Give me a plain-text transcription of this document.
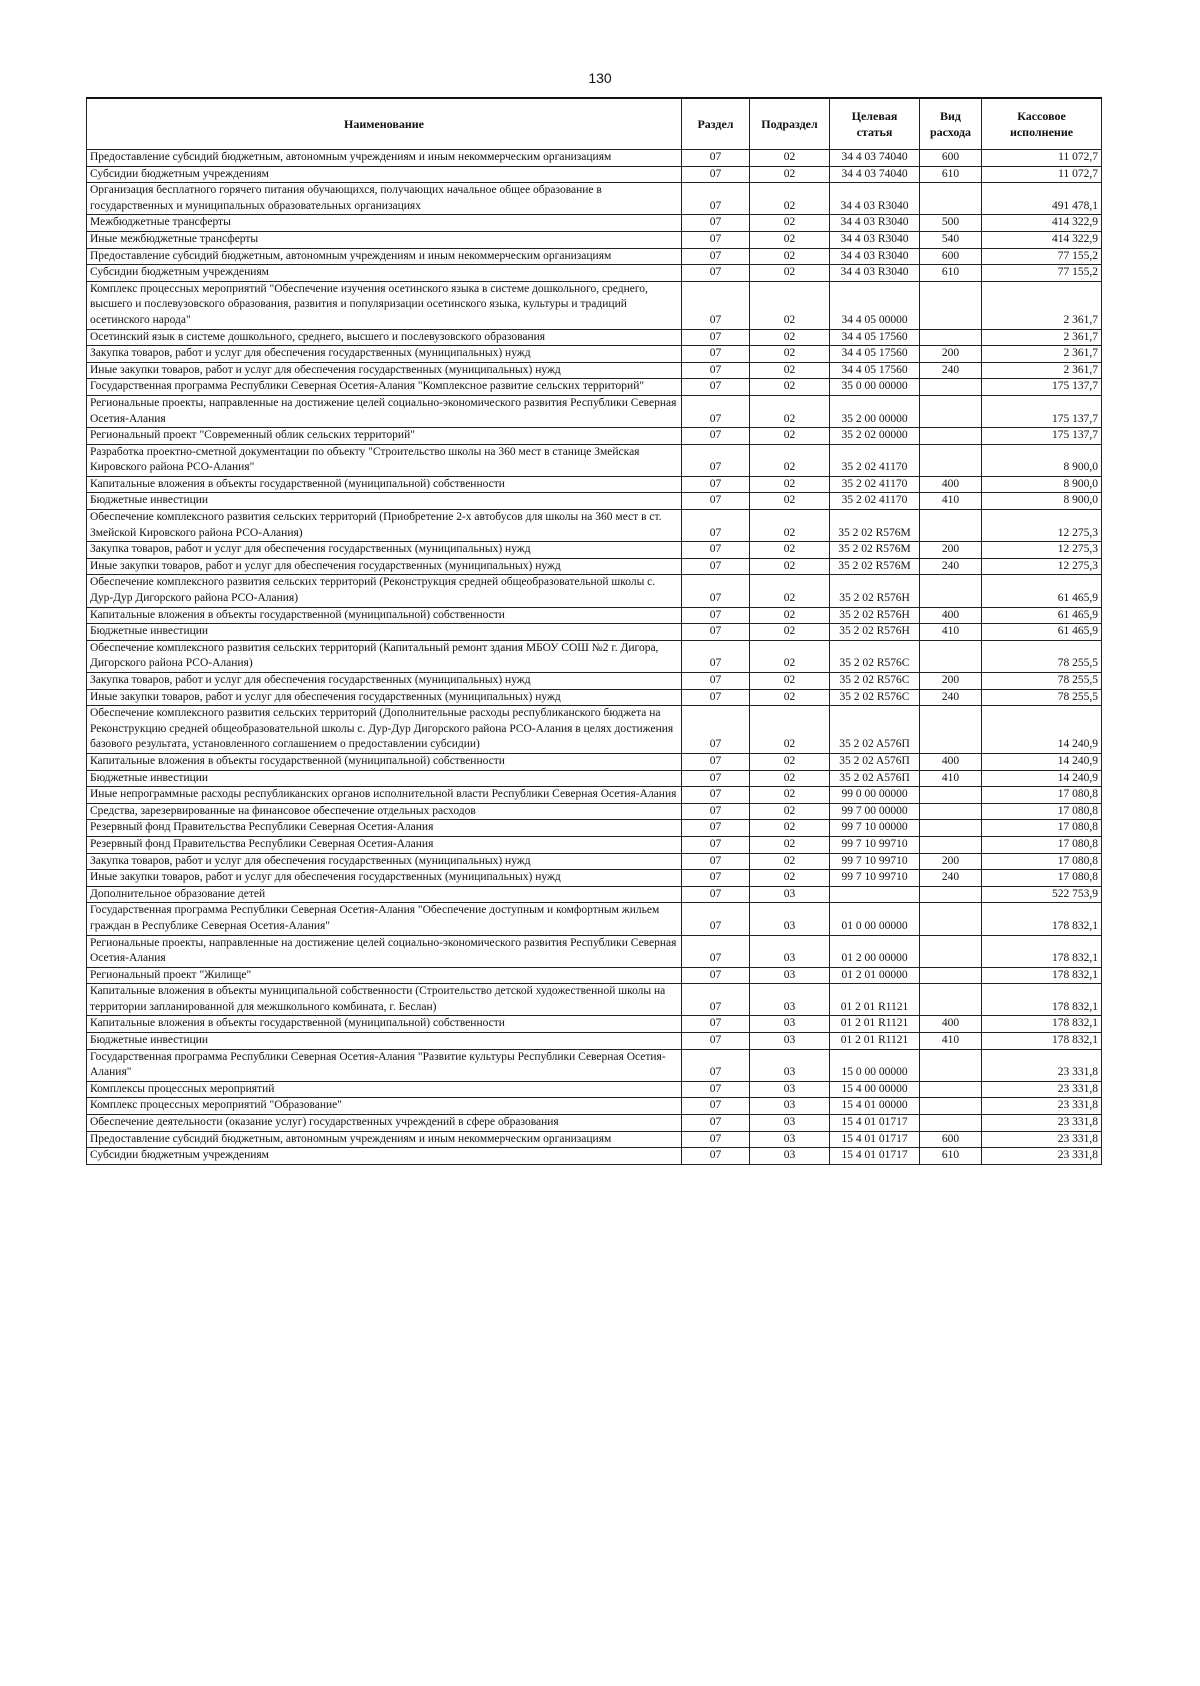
130
Наименование	Раздел	Подраздел	Целевая статья	Вид расхода	Кассовое исполнение
Предоставление субсидий бюджетным, автономным учреждениям и иным некоммерческим организациям	07	02	34 4 03 74040	600	11 072,7
Субсидии бюджетным учреждениям	07	02	34 4 03 74040	610	11 072,7
Организация бесплатного горячего питания обучающихся, получающих начальное общее образование в государственных и муниципальных образовательных организациях	07	02	34 4 03 R3040		491 478,1
Межбюджетные трансферты	07	02	34 4 03 R3040	500	414 322,9
Иные межбюджетные трансферты	07	02	34 4 03 R3040	540	414 322,9
Предоставление субсидий бюджетным, автономным учреждениям и иным некоммерческим организациям	07	02	34 4 03 R3040	600	77 155,2
Субсидии бюджетным учреждениям	07	02	34 4 03 R3040	610	77 155,2
Комплекс процессных мероприятий "Обеспечение изучения осетинского языка в системе дошкольного, среднего, высшего и послевузовского образования, развития и популяризации осетинского языка, культуры и традиций осетинского народа"	07	02	34 4 05 00000		2 361,7
Осетинский язык в системе дошкольного, среднего, высшего и послевузовского образования	07	02	34 4 05 17560		2 361,7
Закупка товаров, работ и услуг для обеспечения государственных (муниципальных) нужд	07	02	34 4 05 17560	200	2 361,7
Иные закупки товаров, работ и услуг для обеспечения государственных (муниципальных) нужд	07	02	34 4 05 17560	240	2 361,7
Государственная программа Республики Северная Осетия-Алания "Комплексное развитие сельских территорий"	07	02	35 0 00 00000		175 137,7
Региональные проекты, направленные на достижение целей социально-экономического развития Республики Северная Осетия-Алания	07	02	35 2 00 00000		175 137,7
Региональный проект "Современный облик сельских территорий"	07	02	35 2 02 00000		175 137,7
Разработка проектно-сметной документации по объекту "Строительство школы на 360 мест в станице Змейская Кировского района РСО-Алания"	07	02	35 2 02 41170		8 900,0
Капитальные вложения в объекты государственной (муниципальной) собственности	07	02	35 2 02 41170	400	8 900,0
Бюджетные инвестиции	07	02	35 2 02 41170	410	8 900,0
Обеспечение комплексного развития сельских территорий (Приобретение 2-х автобусов для школы на 360 мест в ст. Змейской Кировского района РСО-Алания)	07	02	35 2 02 R576M		12 275,3
Закупка товаров, работ и услуг для обеспечения государственных (муниципальных) нужд	07	02	35 2 02 R576M	200	12 275,3
Иные закупки товаров, работ и услуг для обеспечения государственных (муниципальных) нужд	07	02	35 2 02 R576M	240	12 275,3
Обеспечение комплексного развития сельских территорий (Реконструкция средней общеобразовательной школы с. Дур-Дур Дигорского района РСО-Алания)	07	02	35 2 02 R576H		61 465,9
Капитальные вложения в объекты государственной (муниципальной) собственности	07	02	35 2 02 R576H	400	61 465,9
Бюджетные инвестиции	07	02	35 2 02 R576H	410	61 465,9
Обеспечение комплексного развития сельских территорий (Капитальный ремонт здания МБОУ СОШ №2 г. Дигора, Дигорского района РСО-Алания)	07	02	35 2 02 R576C		78 255,5
Закупка товаров, работ и услуг для обеспечения государственных (муниципальных) нужд	07	02	35 2 02 R576C	200	78 255,5
Иные закупки товаров, работ и услуг для обеспечения государственных (муниципальных) нужд	07	02	35 2 02 R576C	240	78 255,5
Обеспечение комплексного развития сельских территорий (Дополнительные расходы республиканского бюджета на Реконструкцию средней общеобразовательной школы с. Дур-Дур Дигорского района РСО-Алания в целях достижения базового результата, установленного соглашением о предоставлении субсидии)	07	02	35 2 02 A576П		14 240,9
Капитальные вложения в объекты государственной (муниципальной) собственности	07	02	35 2 02 A576П	400	14 240,9
Бюджетные инвестиции	07	02	35 2 02 A576П	410	14 240,9
Иные непрограммные расходы республиканских органов исполнительной власти Республики Северная Осетия-Алания	07	02	99 0 00 00000		17 080,8
Средства, зарезервированные на финансовое обеспечение отдельных расходов	07	02	99 7 00 00000		17 080,8
Резервный фонд Правительства Республики Северная Осетия-Алания	07	02	99 7 10 00000		17 080,8
Резервный фонд Правительства Республики Северная Осетия-Алания	07	02	99 7 10 99710		17 080,8
Закупка товаров, работ и услуг для обеспечения государственных (муниципальных) нужд	07	02	99 7 10 99710	200	17 080,8
Иные закупки товаров, работ и услуг для обеспечения государственных (муниципальных) нужд	07	02	99 7 10 99710	240	17 080,8
Дополнительное образование детей	07	03			522 753,9
Государственная программа Республики Северная Осетия-Алания "Обеспечение доступным и комфортным жильем граждан в Республике Северная Осетия-Алания"	07	03	01 0 00 00000		178 832,1
Региональные проекты, направленные на достижение целей социально-экономического развития Республики Северная Осетия-Алания	07	03	01 2 00 00000		178 832,1
Региональный проект "Жилище"	07	03	01 2 01 00000		178 832,1
Капитальные вложения в объекты муниципальной собственности (Строительство детской художественной школы на территории запланированной для межшкольного комбината, г. Беслан)	07	03	01 2 01 R1121		178 832,1
Капитальные вложения в объекты государственной (муниципальной) собственности	07	03	01 2 01 R1121	400	178 832,1
Бюджетные инвестиции	07	03	01 2 01 R1121	410	178 832,1
Государственная программа Республики Северная Осетия-Алания "Развитие культуры Республики Северная Осетия-Алания"	07	03	15 0 00 00000		23 331,8
Комплексы процессных мероприятий	07	03	15 4 00 00000		23 331,8
Комплекс процессных мероприятий "Образование"	07	03	15 4 01 00000		23 331,8
Обеспечение деятельности (оказание услуг) государственных учреждений в сфере образования	07	03	15 4 01 01717		23 331,8
Предоставление субсидий бюджетным, автономным учреждениям и иным некоммерческим организациям	07	03	15 4 01 01717	600	23 331,8
Субсидии бюджетным учреждениям	07	03	15 4 01 01717	610	23 331,8
